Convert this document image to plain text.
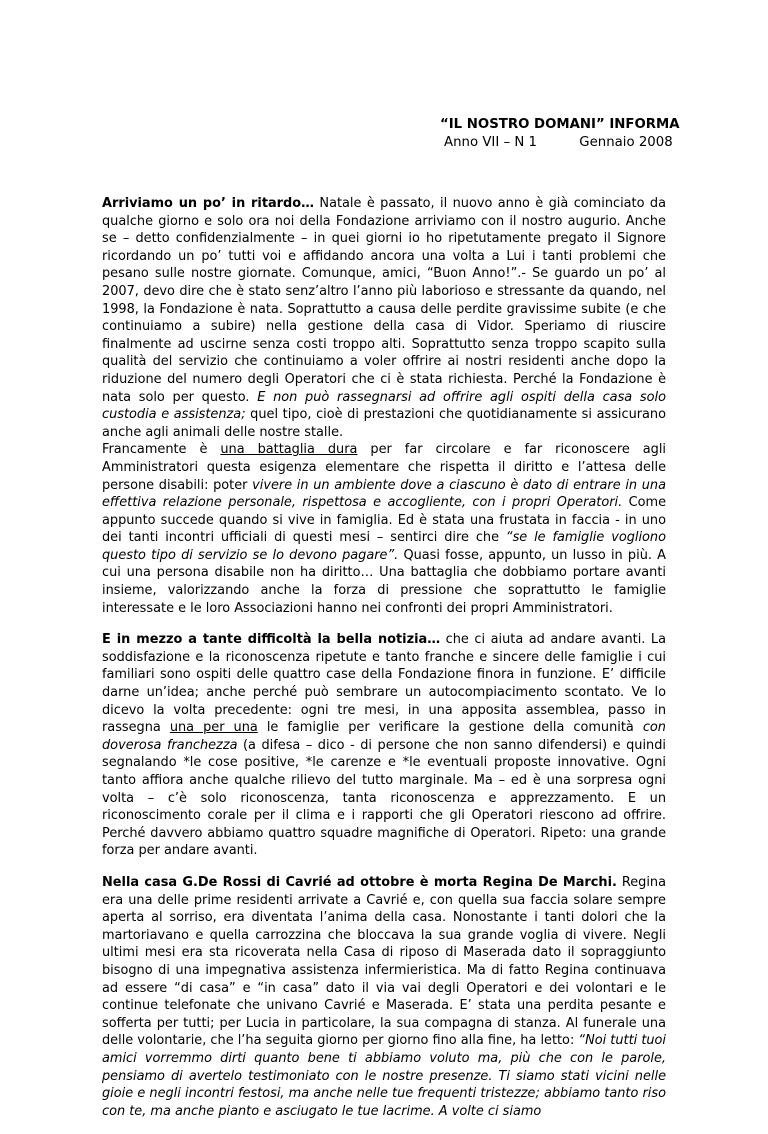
“IL NOSTRO DOMANI” INFORMA
Anno VII – N 1	Gennaio 2008

Arriviamo un po’ in ritardo… Natale è passato, il nuovo anno è già cominciato da qualche giorno e solo ora noi della Fondazione arriviamo con il nostro augurio. Anche se – detto confidenzialmente – in quei giorni io ho ripetutamente pregato il Signore ricordando un po’ tutti voi e affidando ancora una volta a Lui i tanti problemi che pesano sulle nostre giornate. Comunque, amici, “Buon Anno!”.- Se guardo un po’ al 2007, devo dire che è stato senz’altro l’anno più laborioso e stressante da quando, nel 1998, la Fondazione è nata. Soprattutto a causa delle perdite gravissime subite (e che continuiamo a subire) nella gestione della casa di Vidor. Speriamo di riuscire finalmente ad uscirne senza costi troppo alti. Soprattutto senza troppo scapito sulla qualità del servizio che continuiamo a voler offrire ai nostri residenti anche dopo la riduzione del numero degli Operatori che ci è stata richiesta. Perché la Fondazione è nata solo per questo. E non può rassegnarsi ad offrire agli ospiti della casa solo custodia e assistenza; quel tipo, cioè di prestazioni che quotidianamente si assicurano anche agli animali delle nostre stalle.

Francamente è una battaglia dura per far circolare e far riconoscere agli Amministratori questa esigenza elementare che rispetta il diritto e l’attesa delle persone disabili: poter vivere in un ambiente dove a ciascuno è dato di entrare in una effettiva relazione personale, rispettosa e accogliente, con i propri Operatori. Come appunto succede quando si vive in famiglia. Ed è stata una frustata in faccia - in uno dei tanti incontri ufficiali di questi mesi – sentirci dire che “se le famiglie vogliono questo tipo di servizio se lo devono pagare”. Quasi fosse, appunto, un lusso in più. A cui una persona disabile non ha diritto… Una battaglia che dobbiamo portare avanti insieme, valorizzando anche la forza di pressione che soprattutto le famiglie interessate e le loro Associazioni hanno nei confronti dei propri Amministratori.

E in mezzo a tante difficoltà la bella notizia… che ci aiuta ad andare avanti. La soddisfazione e la riconoscenza ripetute e tanto franche e sincere delle famiglie i cui familiari sono ospiti delle quattro case della Fondazione finora in funzione. E’ difficile darne un’idea; anche perché può sembrare un autocompiacimento scontato. Ve lo dicevo la volta precedente: ogni tre mesi, in una apposita assemblea, passo in rassegna una per una le famiglie per verificare la gestione della comunità con doverosa franchezza (a difesa – dico - di persone che non sanno difendersi) e quindi segnalando *le cose positive, *le carenze e *le eventuali proposte innovative. Ogni tanto affiora anche qualche rilievo del tutto marginale. Ma – ed è una sorpresa ogni volta – c’è solo riconoscenza, tanta riconoscenza e apprezzamento. E un riconoscimento corale per il clima e i rapporti che gli Operatori riescono ad offrire. Perché davvero abbiamo quattro squadre magnifiche di Operatori. Ripeto: una grande forza per andare avanti.

Nella casa G.De Rossi di Cavrié ad ottobre è morta Regina De Marchi. Regina era una delle prime residenti arrivate a Cavrié e, con quella sua faccia solare sempre aperta al sorriso, era diventata l’anima della casa. Nonostante i tanti dolori che la martoriavano e quella carrozzina che bloccava la sua grande voglia di vivere. Negli ultimi mesi era sta ricoverata nella Casa di riposo di Maserada dato il sopraggiunto bisogno di una impegnativa assistenza infermieristica. Ma di fatto Regina continuava ad essere “di casa” e “in casa” dato il via vai degli Operatori e dei volontari e le continue telefonate che univano Cavrié e Maserada. E’ stata una perdita pesante e sofferta per tutti; per Lucia in particolare, la sua compagna di stanza. Al funerale una delle volontarie, che l’ha seguita giorno per giorno fino alla fine, ha letto: “Noi tutti tuoi amici vorremmo dirti quanto bene ti abbiamo voluto ma, più che con le parole, pensiamo di avertelo testimoniato con le nostre presenze. Ti siamo stati vicini nelle gioie e negli incontri festosi, ma anche nelle tue frequenti tristezze; abbiamo tanto riso con te, ma anche pianto e asciugato le tue lacrime. A volte ci siamo
